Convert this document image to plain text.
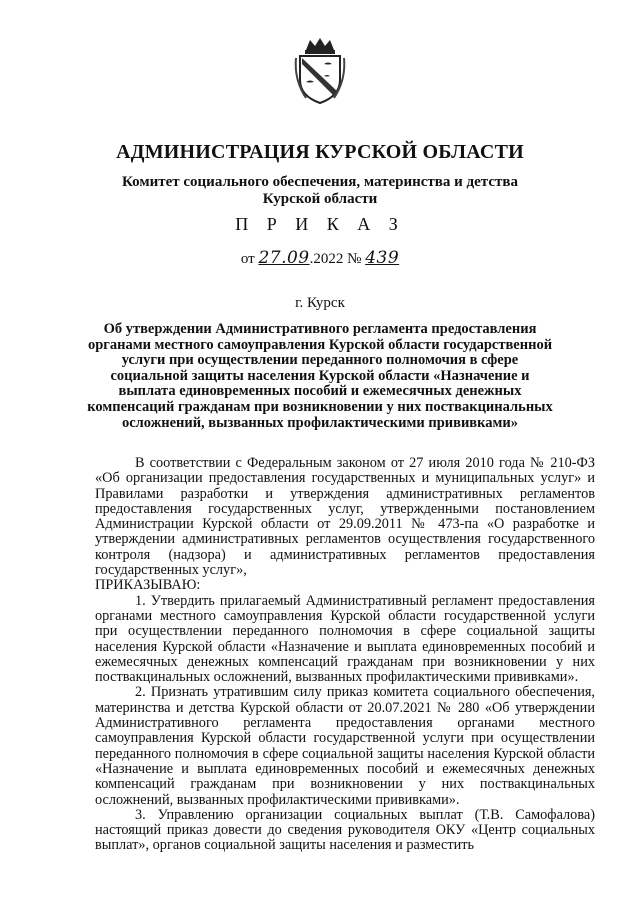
АДМИНИСТРАЦИЯ КУРСКОЙ ОБЛАСТИ
Комитет социального обеспечения, материнства и детства
Курской области
П Р И К А З
от 27.09.2022 № 439
г. Курск
Об утверждении Административного регламента предоставления органами местного самоуправления Курской области государственной услуги при осуществлении переданного полномочия в сфере социальной защиты населения Курской области «Назначение и выплата единовременных пособий и ежемесячных денежных компенсаций гражданам при возникновении у них поствакцинальных осложнений, вызванных профилактическими прививками»

В соответствии с Федеральным законом от 27 июля 2010 года № 210-ФЗ «Об организации предоставления государственных и муниципальных услуг» и Правилами разработки и утверждения административных регламентов предоставления государственных услуг, утвержденными постановлением Администрации Курской области от 29.09.2011 № 473-па «О разработке и утверждении административных регламентов осуществления государственного контроля (надзора) и административных регламентов предоставления государственных услуг»,

ПРИКАЗЫВАЮ:

1. Утвердить прилагаемый Административный регламент предоставления органами местного самоуправления Курской области государственной услуги при осуществлении переданного полномочия в сфере социальной защиты населения Курской области «Назначение и выплата единовременных пособий и ежемесячных денежных компенсаций гражданам при возникновении у них поствакцинальных осложнений, вызванных профилактическими прививками».

2. Признать утратившим силу приказ комитета социального обеспечения, материнства и детства Курской области от 20.07.2021 № 280 «Об утверждении Административного регламента предоставления органами местного самоуправления Курской области государственной услуги при осуществлении переданного полномочия в сфере социальной защиты населения Курской области «Назначение и выплата единовременных пособий и ежемесячных денежных компенсаций гражданам при возникновении у них поствакцинальных осложнений, вызванных профилактическими прививками».

3. Управлению организации социальных выплат (Т.В. Самофалова) настоящий приказ довести до сведения руководителя ОКУ «Центр социальных выплат», органов социальной защиты населения и разместить
